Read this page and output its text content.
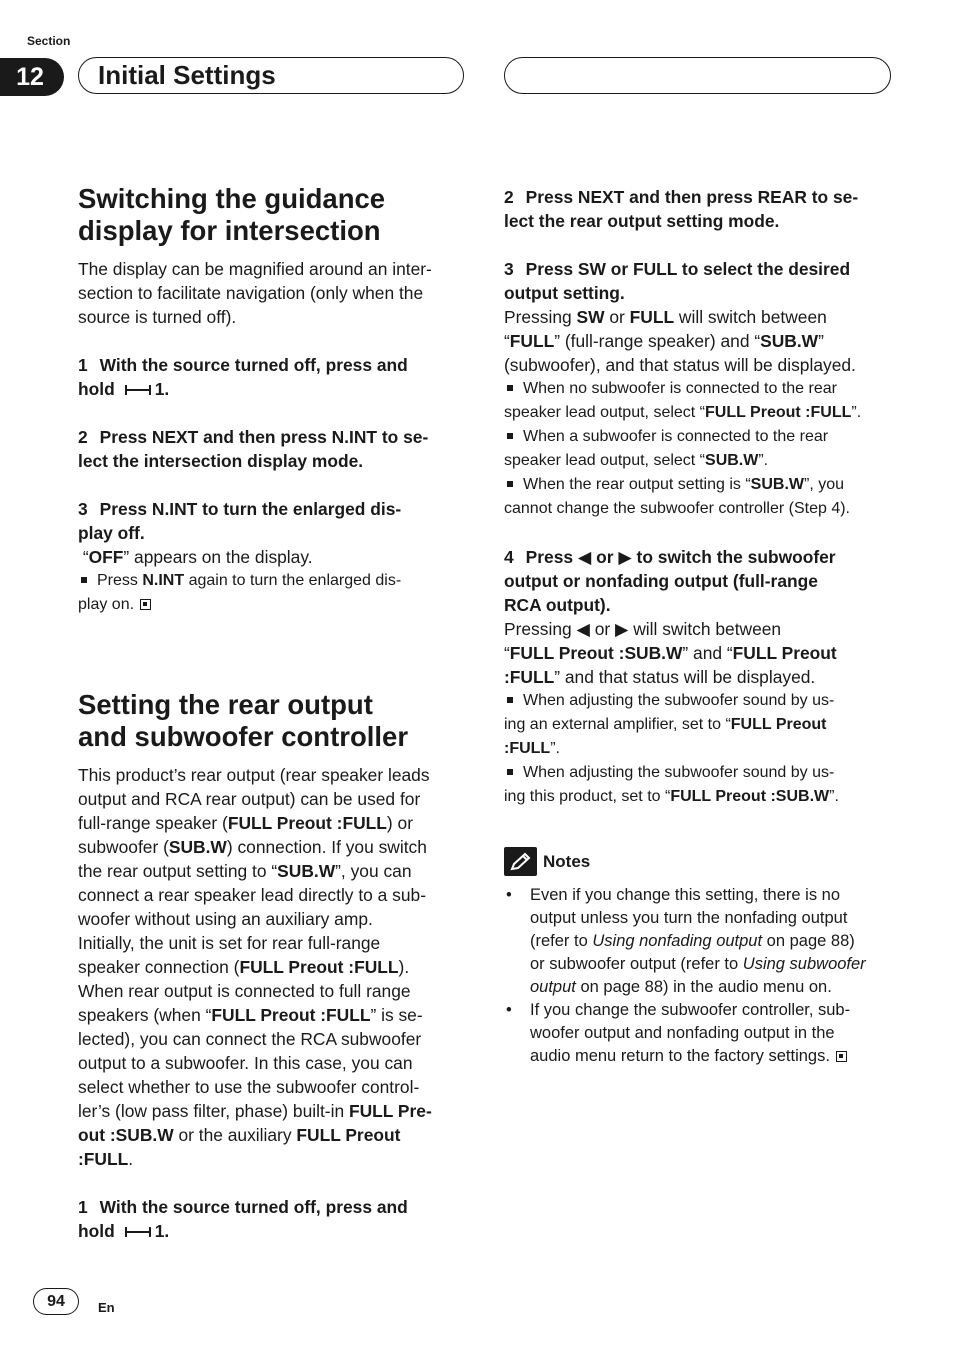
Section
12	Initial Settings
Switching the guidance
display for intersection

The display can be magnified around an inter-
section to facilitate navigation (only when the
source is turned off).

1 With the source turned off, press and
hold 1.

2 Press NEXT and then press N.INT to se-
lect the intersection display mode.

3 Press N.INT to turn the enlarged dis-
play off.

“OFF” appears on the display.

Press N.INT again to turn the enlarged dis-
play on.

Setting the rear output
and subwoofer controller

This product’s rear output (rear speaker leads
output and RCA rear output) can be used for
full-range speaker (FULL Preout :FULL) or
subwoofer (SUB.W) connection. If you switch
the rear output setting to “SUB.W”, you can
connect a rear speaker lead directly to a sub-
woofer without using an auxiliary amp.
Initially, the unit is set for rear full-range
speaker connection (FULL Preout :FULL).
When rear output is connected to full range
speakers (when “FULL Preout :FULL” is se-
lected), you can connect the RCA subwoofer
output to a subwoofer. In this case, you can
select whether to use the subwoofer control-
ler’s (low pass filter, phase) built-in FULL Pre-
out :SUB.W or the auxiliary FULL Preout
:FULL.

1 With the source turned off, press and
hold 1.

2 Press NEXT and then press REAR to se-
lect the rear output setting mode.

3 Press SW or FULL to select the desired
output setting.

Pressing SW or FULL will switch between
“FULL” (full-range speaker) and “SUB.W”
(subwoofer), and that status will be displayed.

When no subwoofer is connected to the rear
speaker lead output, select “FULL Preout :FULL”.

When a subwoofer is connected to the rear
speaker lead output, select “SUB.W”.

When the rear output setting is “SUB.W”, you
cannot change the subwoofer controller (Step 4).

4 Press ◀ or ▶ to switch the subwoofer
output or nonfading output (full-range
RCA output).

Pressing ◀ or ▶ will switch between
“FULL Preout :SUB.W” and “FULL Preout
:FULL” and that status will be displayed.

When adjusting the subwoofer sound by us-
ing an external amplifier, set to “FULL Preout
:FULL”.

When adjusting the subwoofer sound by us-
ing this product, set to “FULL Preout :SUB.W”.

Notes
• Even if you change this setting, there is no
output unless you turn the nonfading output
(refer to Using nonfading output on page 88)
or subwoofer output (refer to Using subwoofer
output on page 88) in the audio menu on.
• If you change the subwoofer controller, sub-
woofer output and nonfading output in the
audio menu return to the factory settings.
94	En
